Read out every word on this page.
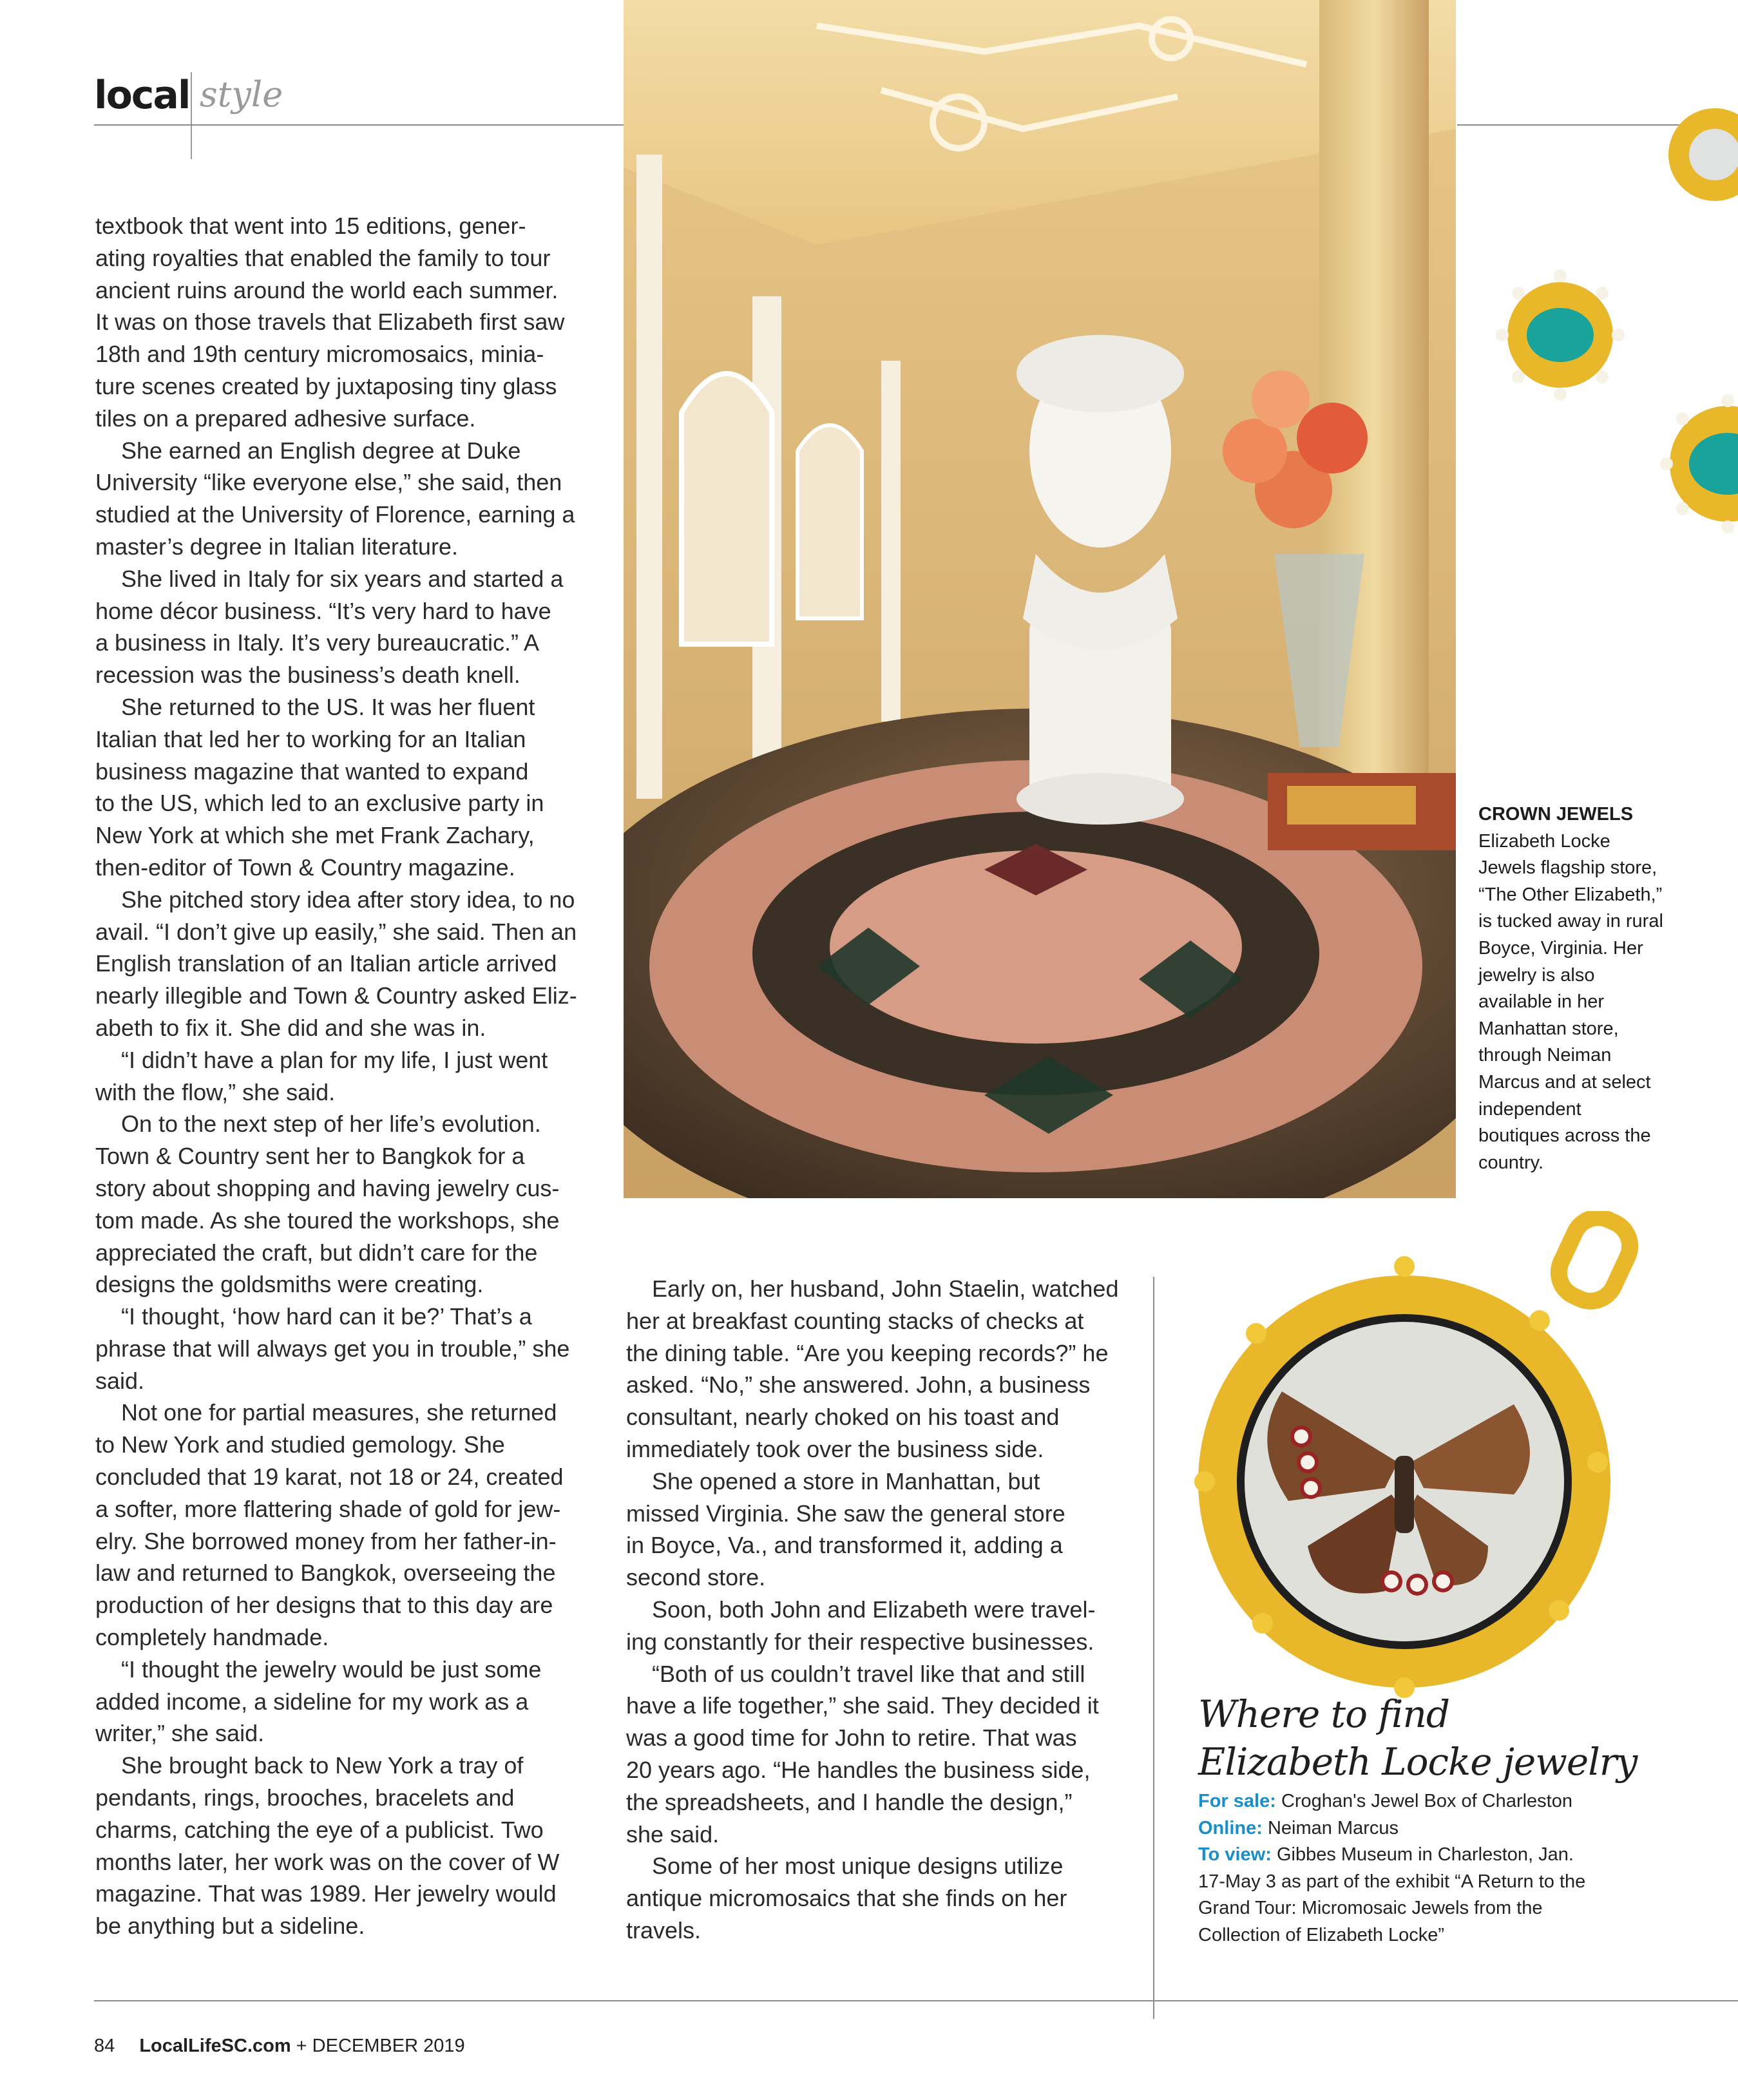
local style

textbook that went into 15 editions, gener-
ating royalties that enabled the family to tour
ancient ruins around the world each summer.
It was on those travels that Elizabeth first saw
18th and 19th century micromosaics, minia-
ture scenes created by juxtaposing tiny glass
tiles on a prepared adhesive surface.

She earned an English degree at Duke
University “like everyone else,” she said, then
studied at the University of Florence, earning a
master’s degree in Italian literature.

She lived in Italy for six years and started a
home décor business. “It’s very hard to have
a business in Italy. It’s very bureaucratic.” A
recession was the business’s death knell.

She returned to the US. It was her fluent
Italian that led her to working for an Italian
business magazine that wanted to expand
to the US, which led to an exclusive party in
New York at which she met Frank Zachary,
then-editor of Town & Country magazine.

She pitched story idea after story idea, to no
avail. “I don’t give up easily,” she said. Then an
English translation of an Italian article arrived
nearly illegible and Town & Country asked Eliz-
abeth to fix it. She did and she was in.

“I didn’t have a plan for my life, I just went
with the flow,” she said.

On to the next step of her life’s evolution.
Town & Country sent her to Bangkok for a
story about shopping and having jewelry cus-
tom made. As she toured the workshops, she
appreciated the craft, but didn’t care for the
designs the goldsmiths were creating.

“I thought, ‘how hard can it be?’ That’s a
phrase that will always get you in trouble,” she
said.

Not one for partial measures, she returned
to New York and studied gemology. She
concluded that 19 karat, not 18 or 24, created
a softer, more flattering shade of gold for jew-
elry. She borrowed money from her father-in-
law and returned to Bangkok, overseeing the
production of her designs that to this day are
completely handmade.

“I thought the jewelry would be just some
added income, a sideline for my work as a
writer,” she said.

She brought back to New York a tray of
pendants, rings, brooches, bracelets and
charms, catching the eye of a publicist. Two
months later, her work was on the cover of W
magazine. That was 1989. Her jewelry would
be anything but a sideline.

CROWN JEWELS
Elizabeth Locke Jewels flagship store, “The Other Elizabeth,” is tucked away in rural Boyce, Virginia. Her jewelry is also available in her Manhattan store, through Neiman Marcus and at select independent boutiques across the country.

Early on, her husband, John Staelin, watched
her at breakfast counting stacks of checks at
the dining table. “Are you keeping records?” he
asked. “No,” she answered. John, a business
consultant, nearly choked on his toast and
immediately took over the business side.

She opened a store in Manhattan, but
missed Virginia. She saw the general store
in Boyce, Va., and transformed it, adding a
second store.

Soon, both John and Elizabeth were travel-
ing constantly for their respective businesses.

“Both of us couldn’t travel like that and still
have a life together,” she said. They decided it
was a good time for John to retire. That was
20 years ago. “He handles the business side,
the spreadsheets, and I handle the design,”
she said.

Some of her most unique designs utilize
antique micromosaics that she finds on her
travels.

Where to find
Elizabeth Locke jewelry
For sale: Croghan's Jewel Box of Charleston
Online: Neiman Marcus
To view: Gibbes Museum in Charleston, Jan. 17-May 3 as part of the exhibit “A Return to the Grand Tour: Micromosaic Jewels from the Collection of Elizabeth Locke”
84 LocalLifeSC.com + DECEMBER 2019
